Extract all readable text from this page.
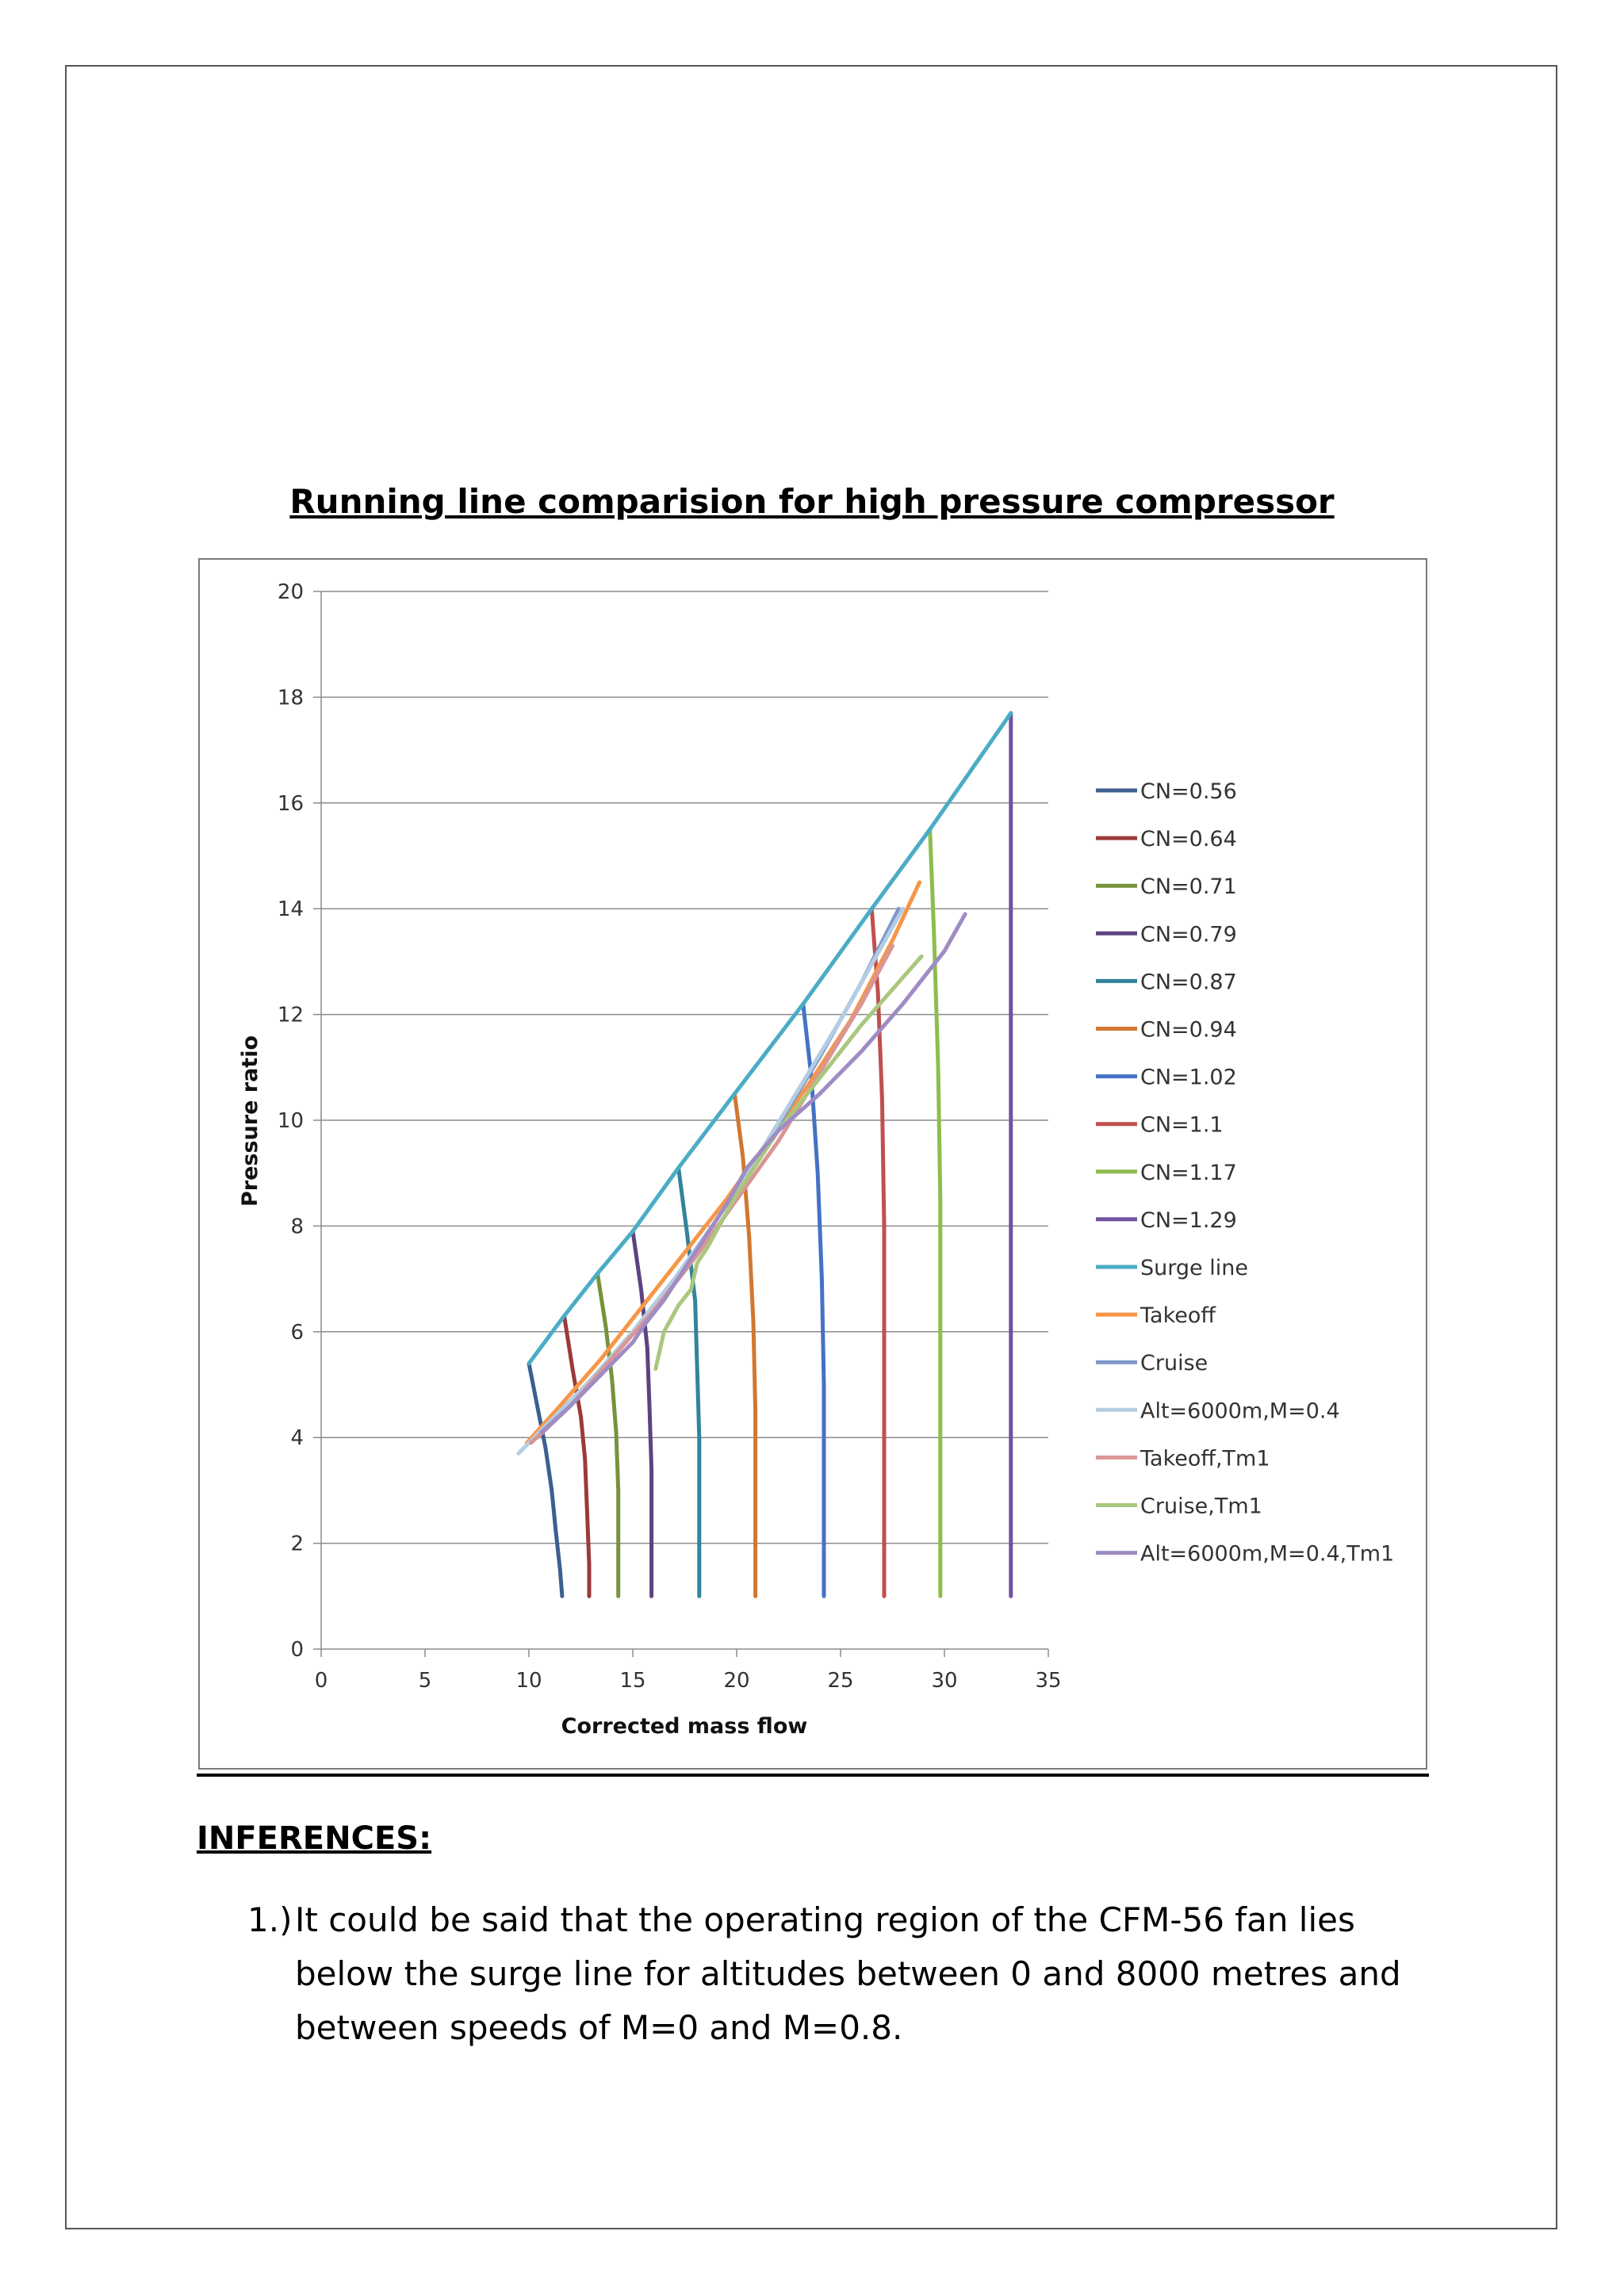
Running line comparision for high pressure compressor
0
2
4
6
8
10
12
14
16
18
20
0	5	10	15	20	25	30	35
CN=0.56
CN=0.64
CN=0.71
CN=0.79
CN=0.87
CN=0.94
CN=1.02
CN=1.1
CN=1.17
CN=1.29
Surge line
Takeoff
Cruise
Alt=6000m,M=0.4
Takeoff,Tm1
Cruise,Tm1
Alt=6000m,M=0.4,Tm1
Corrected mass flow
Pressure ratio
INFERENCES:
1.) It could be said that the operating region of the CFM-56 fan lies below the surge line for altitudes between 0 and 8000 metres and between speeds of M=0 and M=0.8.
